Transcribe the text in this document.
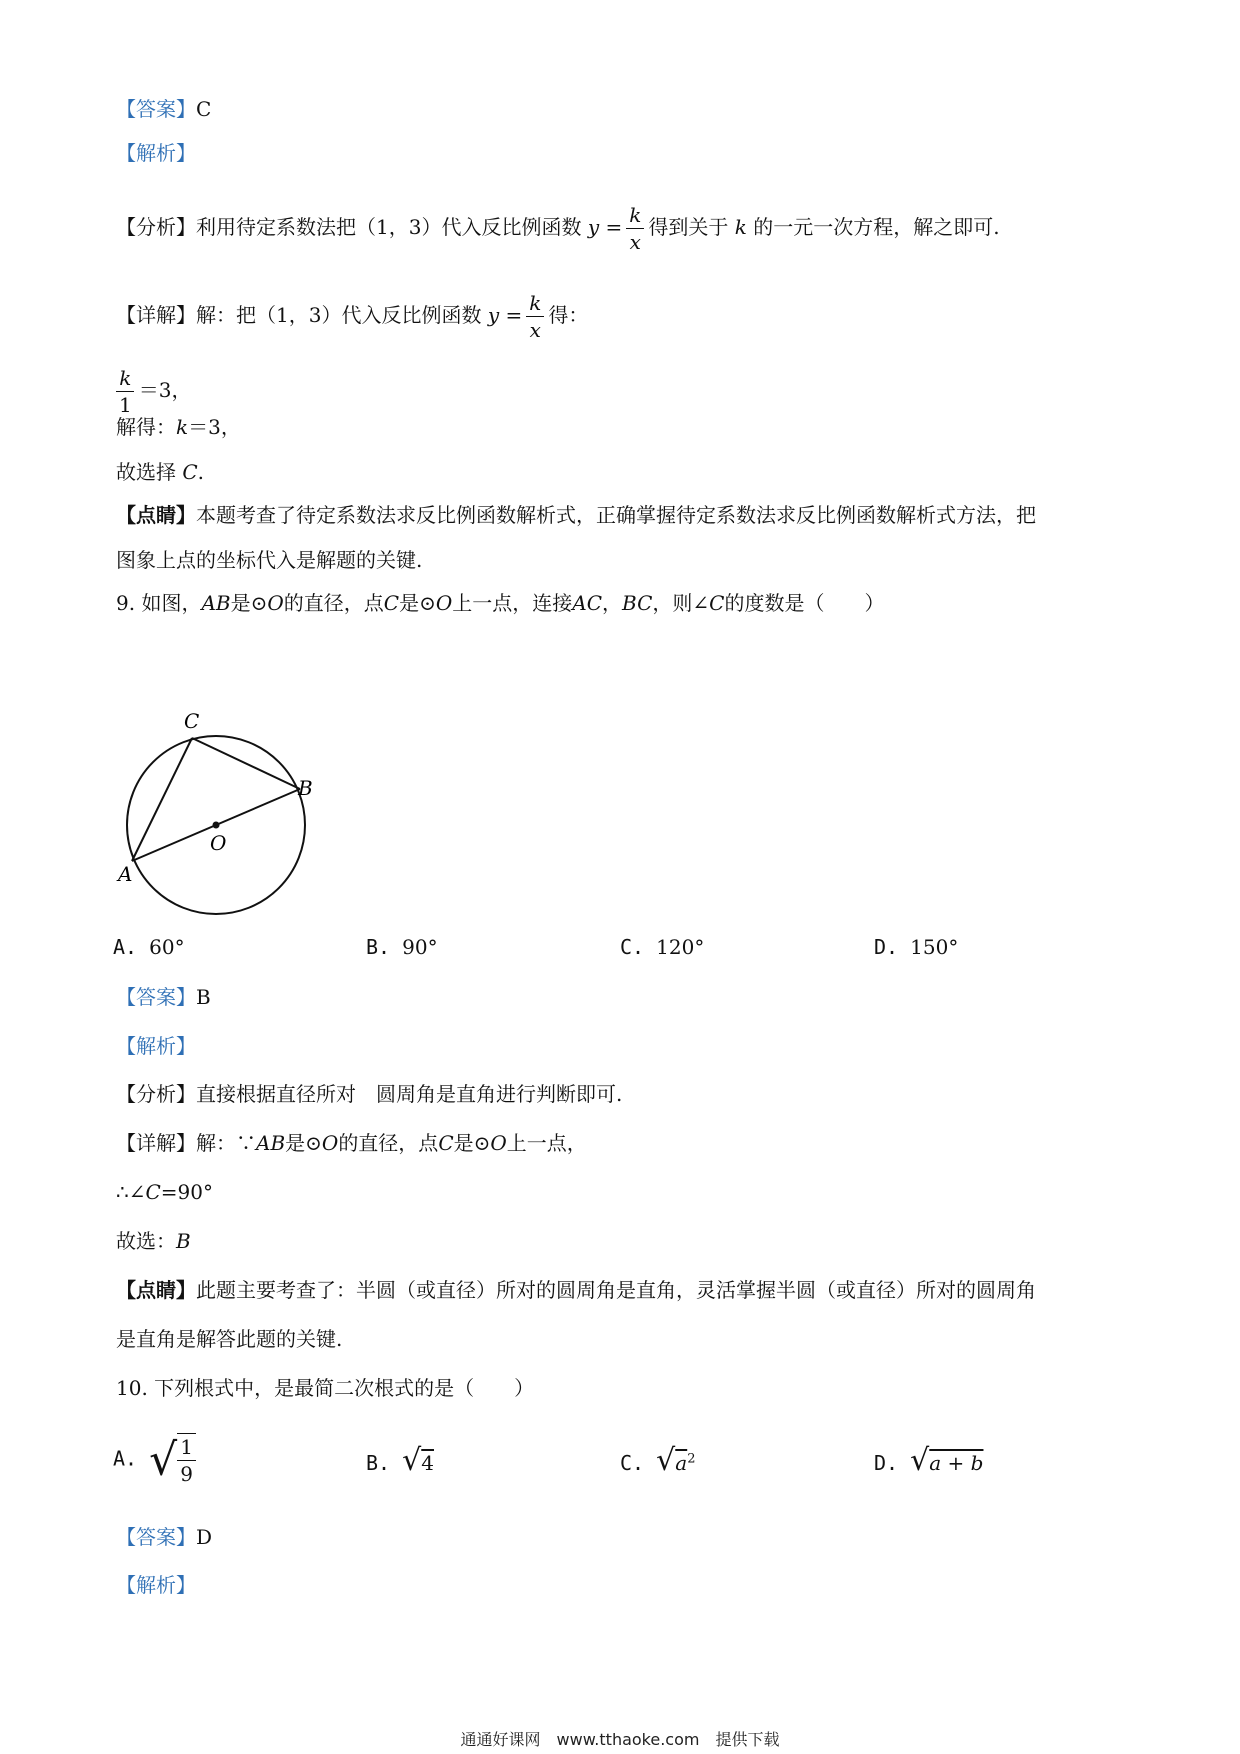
【答案】C
【解析】
【分析】利用待定系数法把（1，3）代入反比例函数 $y = \frac{k}{x}$ 得到关于 k 的一元一次方程，解之即可.
【详解】解：把（1，3）代入反比例函数 $y = \frac{k}{x}$ 得：
$\frac{k}{1} =3$，
解得：k＝3，
故选择 C.
【点睛】本题考查了待定系数法求反比例函数解析式，正确掌握待定系数法求反比例函数解析式方法，把
图象上点的坐标代入是解题的关键.
9. 如图，AB是⊙O的直径，点C是⊙O上一点，连接AC，BC，则∠C的度数是（　　）
C
B
O
A
A. 60°	B. 90°	C. 120°	D. 150°
【答案】B
【解析】
【分析】直接根据直径所对　圆周角是直角进行判断即可.
【详解】解：∵AB是⊙O的直径，点C是⊙O上一点，
∴∠C=90°
故选：B
【点睛】此题主要考查了：半圆（或直径）所对的圆周角是直角，灵活掌握半圆（或直径）所对的圆周角
是直角是解答此题的关键.
10. 下列根式中，是最简二次根式的是（　　）
A. √ $\frac{1}{9}$	B. √4	C. $√a^2$	D. √a + b
【答案】D
【解析】
通通好课网　www.tthaoke.com　提供下载
